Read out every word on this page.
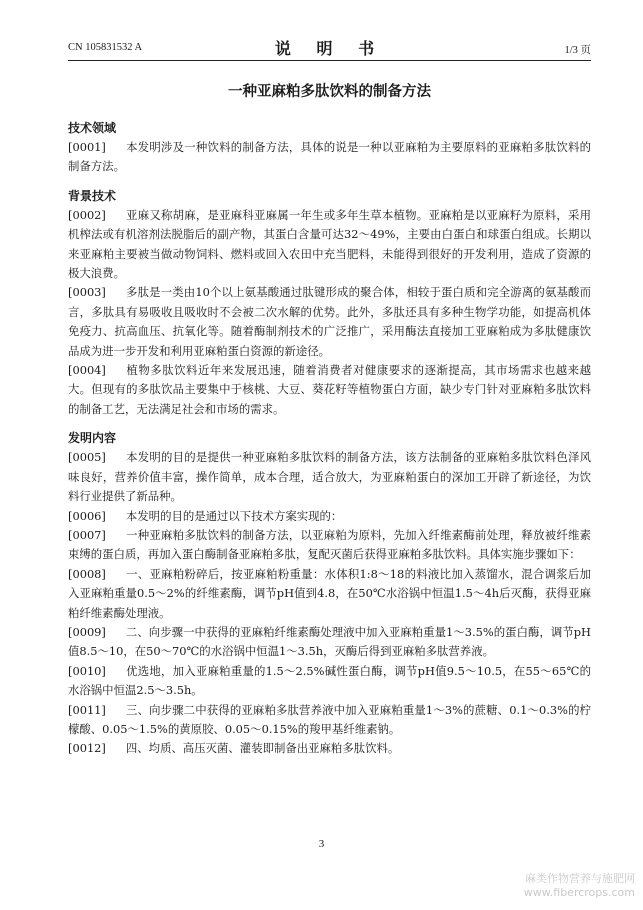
CN 105831532 A	说 明 书	1/3 页
一种亚麻粕多肽饮料的制备方法
技术领域

[0001] 本发明涉及一种饮料的制备方法，具体的说是一种以亚麻粕为主要原料的亚麻粕多肽饮料的制备方法。

背景技术

[0002] 亚麻又称胡麻，是亚麻科亚麻属一年生或多年生草本植物。亚麻粕是以亚麻籽为原料，采用机榨法或有机溶剂法脱脂后的副产物，其蛋白含量可达32～49%，主要由白蛋白和球蛋白组成。长期以来亚麻粕主要被当做动物饲料、燃料或回入农田中充当肥料，未能得到很好的开发利用，造成了资源的极大浪费。

[0003] 多肽是一类由10个以上氨基酸通过肽键形成的聚合体，相较于蛋白质和完全游离的氨基酸而言，多肽具有易吸收且吸收时不会被二次水解的优势。此外，多肽还具有多种生物学功能，如提高机体免疫力、抗高血压、抗氧化等。随着酶制剂技术的广泛推广，采用酶法直接加工亚麻粕成为多肽健康饮品成为进一步开发和利用亚麻粕蛋白资源的新途径。

[0004] 植物多肽饮料近年来发展迅速，随着消费者对健康要求的逐渐提高，其市场需求也越来越大。但现有的多肽饮品主要集中于核桃、大豆、葵花籽等植物蛋白方面，缺少专门针对亚麻粕多肽饮料的制备工艺，无法满足社会和市场的需求。

发明内容

[0005] 本发明的目的是提供一种亚麻粕多肽饮料的制备方法，该方法制备的亚麻粕多肽饮料色泽风味良好，营养价值丰富，操作简单，成本合理，适合放大，为亚麻粕蛋白的深加工开辟了新途径，为饮料行业提供了新品种。

[0006] 本发明的目的是通过以下技术方案实现的：

[0007] 一种亚麻粕多肽饮料的制备方法，以亚麻粕为原料，先加入纤维素酶前处理，释放被纤维素束缚的蛋白质，再加入蛋白酶制备亚麻粕多肽，复配灭菌后获得亚麻粕多肽饮料。具体实施步骤如下：

[0008] 一、亚麻粕粉碎后，按亚麻粕粉重量：水体积1:8～18的料液比加入蒸馏水，混合调浆后加入亚麻粕重量0.5～2%的纤维素酶，调节pH值到4.8，在50℃水浴锅中恒温1.5～4h后灭酶，获得亚麻粕纤维素酶处理液。

[0009] 二、向步骤一中获得的亚麻粕纤维素酶处理液中加入亚麻粕重量1～3.5%的蛋白酶，调节pH值8.5～10，在50～70℃的水浴锅中恒温1～3.5h，灭酶后得到亚麻粕多肽营养液。

[0010] 优选地，加入亚麻粕重量的1.5～2.5%碱性蛋白酶，调节pH值9.5～10.5，在55～65℃的水浴锅中恒温2.5～3.5h。

[0011] 三、向步骤二中获得的亚麻粕多肽营养液中加入亚麻粕重量1～3%的蔗糖、0.1～0.3%的柠檬酸、0.05～1.5%的黄原胶、0.05～0.15%的羧甲基纤维素钠。

[0012] 四、均质、高压灭菌、灌装即制备出亚麻粕多肽饮料。

3
麻类作物营养与施肥网
www.fibercrops.com
